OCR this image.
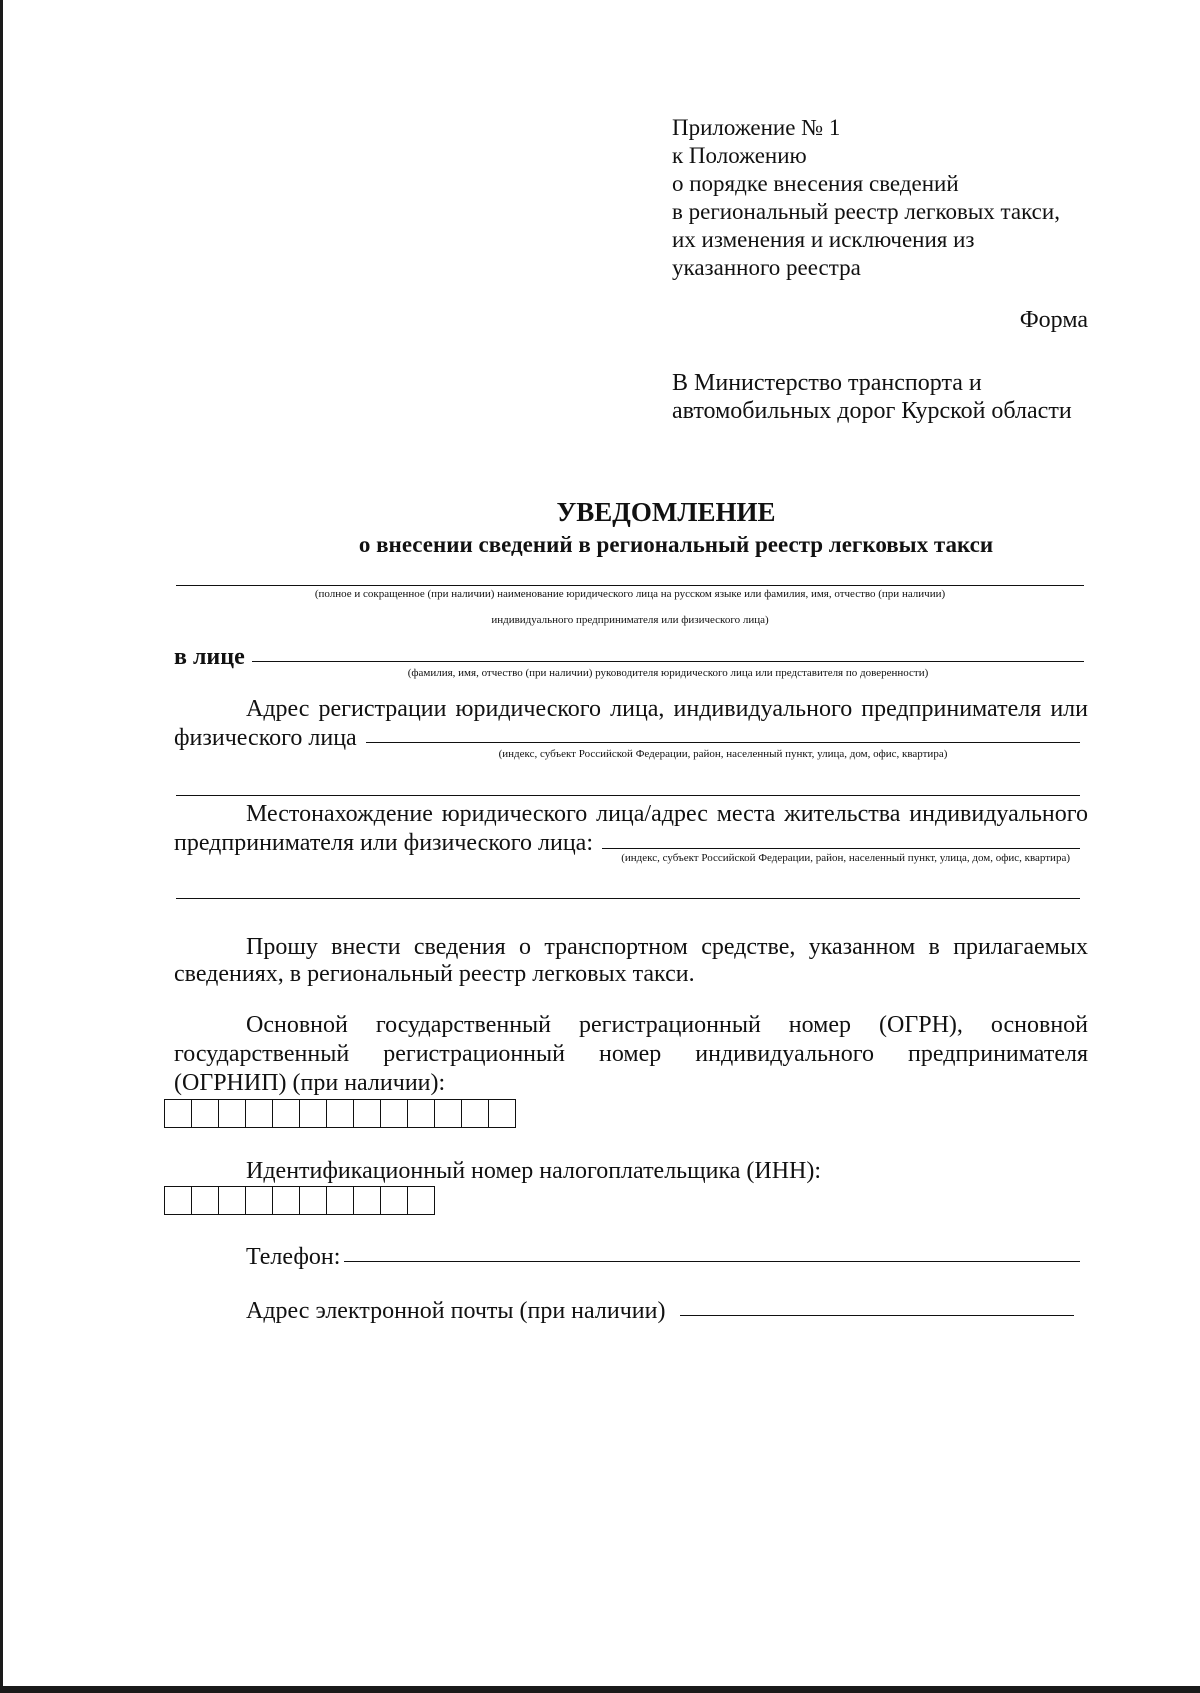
Приложение № 1
к Положению
о порядке внесения сведений
в региональный реестр легковых такси,
их изменения и исключения из
указанного реестра
Форма
В Министерство транспорта и
автомобильных дорог Курской области
УВЕДОМЛЕНИЕ
о внесении сведений в региональный реестр легковых такси
(полное и сокращенное (при наличии) наименование юридического лица на русском языке или фамилия, имя, отчество (при наличии)
индивидуального предпринимателя или физического лица)
в лице
(фамилия, имя, отчество (при наличии) руководителя юридического лица или представителя по доверенности)
Адрес регистрации юридического лица, индивидуального предпринимателя или
физического лица
(индекс, субъект Российской Федерации, район, населенный пункт, улица, дом, офис, квартира)
Местонахождение юридического лица/адрес места жительства индивидуального
предпринимателя или физического лица:
(индекс, субъект Российской Федерации, район, населенный пункт, улица, дом, офис, квартира)
Прошу внести сведения о транспортном средстве, указанном в прилагаемых
сведениях, в региональный реестр легковых такси.
Основной государственный регистрационный номер (ОГРН), основной
государственный регистрационный номер индивидуального предпринимателя
(ОГРНИП) (при наличии):
Идентификационный номер налогоплательщика (ИНН):
Телефон:
Адрес электронной почты (при наличии)
